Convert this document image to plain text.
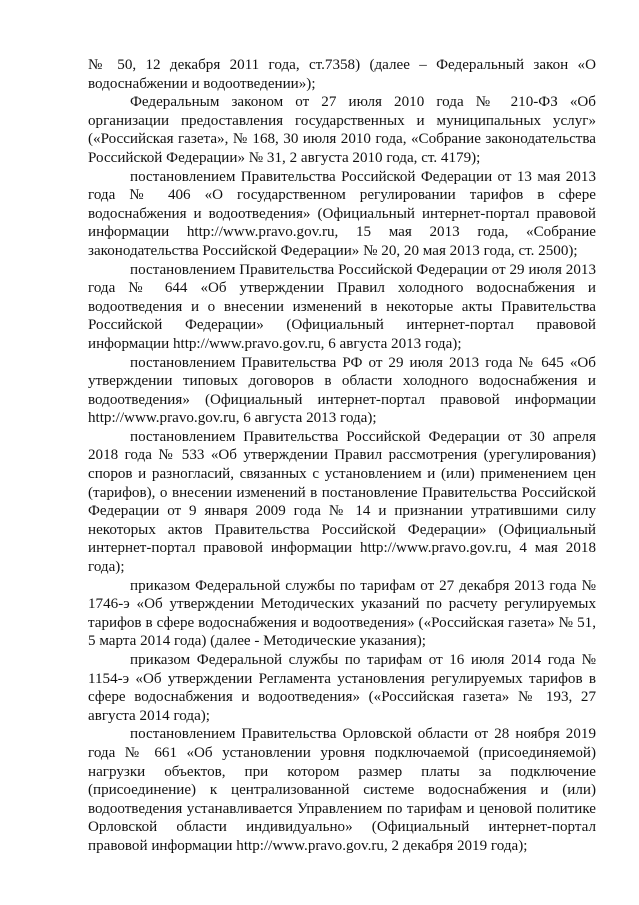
№ 50, 12 декабря 2011 года, ст.7358) (далее – Федеральный закон «О водоснабжении и водоотведении»);

Федеральным законом от 27 июля 2010 года № 210-ФЗ «Об организации предоставления государственных и муниципальных услуг» («Российская газета», № 168, 30 июля 2010 года, «Собрание законодательства Российской Федерации» № 31, 2 августа 2010 года, ст. 4179);

постановлением Правительства Российской Федерации от 13 мая 2013 года № 406 «О государственном регулировании тарифов в сфере водоснабжения и водоотведения» (Официальный интернет-портал правовой информации http://www.pravo.gov.ru, 15 мая 2013 года, «Собрание законодательства Российской Федерации» № 20, 20 мая 2013 года, ст. 2500);

постановлением Правительства Российской Федерации от 29 июля 2013 года № 644 «Об утверждении Правил холодного водоснабжения и водоотведения и о внесении изменений в некоторые акты Правительства Российской Федерации» (Официальный интернет-портал правовой информации http://www.pravo.gov.ru, 6 августа 2013 года);

постановлением Правительства РФ от 29 июля 2013 года № 645 «Об утверждении типовых договоров в области холодного водоснабжения и водоотведения» (Официальный интернет-портал правовой информации http://www.pravo.gov.ru, 6 августа 2013 года);

постановлением Правительства Российской Федерации от 30 апреля 2018 года № 533 «Об утверждении Правил рассмотрения (урегулирования) споров и разногласий, связанных с установлением и (или) применением цен (тарифов), о внесении изменений в постановление Правительства Российской Федерации от 9 января 2009 года № 14 и признании утратившими силу некоторых актов Правительства Российской Федерации» (Официальный интернет-портал правовой информации http://www.pravo.gov.ru, 4 мая 2018 года);

приказом Федеральной службы по тарифам от 27 декабря 2013 года № 1746-э «Об утверждении Методических указаний по расчету регулируемых тарифов в сфере водоснабжения и водоотведения» («Российская газета» № 51, 5 марта 2014 года) (далее - Методические указания);

приказом Федеральной службы по тарифам от 16 июля 2014 года № 1154-э «Об утверждении Регламента установления регулируемых тарифов в сфере водоснабжения и водоотведения» («Российская газета» № 193, 27 августа 2014 года);

постановлением Правительства Орловской области от 28 ноября 2019 года № 661 «Об установлении уровня подключаемой (присоединяемой) нагрузки объектов, при котором размер платы за подключение (присоединение) к централизованной системе водоснабжения и (или) водоотведения устанавливается Управлением по тарифам и ценовой политике Орловской области индивидуально» (Официальный интернет-портал правовой информации http://www.pravo.gov.ru, 2 декабря 2019 года);
